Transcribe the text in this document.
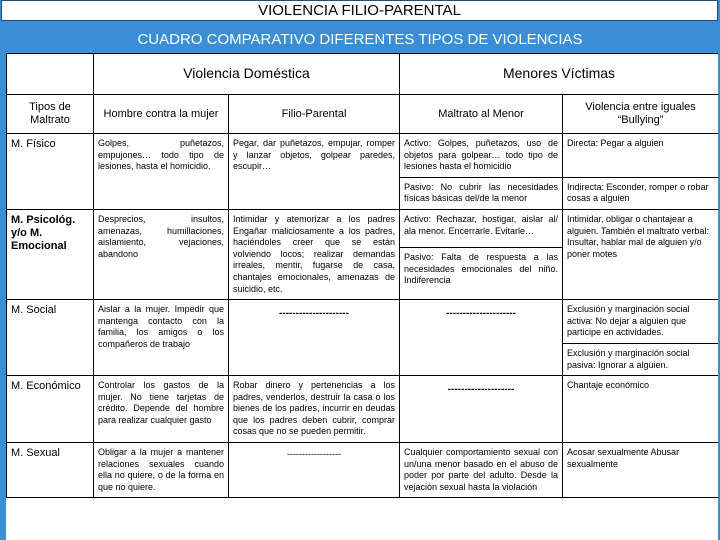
VIOLENCIA FILIO-PARENTAL
CUADRO COMPARATIVO DIFERENTES TIPOS DE VIOLENCIAS
	Violencia Doméstica		Menores Víctimas	
Tipos de Maltrato	Hombre contra la mujer	Filio-Parental	Maltrato al Menor	Violencia entre iguales “Bullying”
M. Físico	Golpes, puñetazos, empujones… todo tipo de lesiones, hasta el homicidio.	Pegar, dar puñetazos, empujar, romper y lanzar objetos, golpear paredes, escupir…	Activo: Golpes, puñetazos, uso de objetos para golpear… todo tipo de lesiones hasta el homicidio	Directa: Pegar a alguien
			Pasivo: No cubrir las necesidades físicas básicas del/de la menor	Indirecta: Esconder, romper o robar cosas a alguien
M. Psicológ. y/o M. Emocional	Desprecios, insultos, amenazas, humillaciones, aislamiento, vejaciones, abandono	Intimidar y atemorizar a los padres Engañar maliciosamente a los padres, haciéndoles creer que se están volviendo locos; realizar demandas irreales, mentir, fugarse de casa, chantajes emocionales, amenazas de suicidio, etc.	Activo: Rechazar, hostigar, aislar al/ ala menor. Encerrarle. Evitarle…	Intimidar, obligar o chantajear a alguien. También el maltrato verbal: Insultar, hablar mal de alguien y/o poner motes
			Pasivo: Falta de respuesta a las necesidades emocionales del niño. Indiferencia	
M. Social	Aislar a la mujer. Impedir que mantenga contacto con la familia, los amigos o los compañeros de trabajo	---------------------	---------------------	Exclusión y marginación social activa: No dejar a alguien que participe en actividades.
				Exclusión y marginación social pasiva: Ignorar a alguien.
M. Económico	Controlar los gastos de la mujer. No tiene tarjetas de crédito. Depende del hombre para realizar cualquier gasto	Robar dinero y pertenencias a los padres, venderlos, destruir la casa o los bienes de los padres, incurrir en deudas que los padres deben cubrir, comprar cosas que no se pueden permitir.	--------------------	Chantaje económico
M. Sexual	Obligar a la mujer a mantener relaciones sexuales cuando ella no quiere, o de la forma en que no quiere.	------------------	Cualquier comportamiento sexual con un/una menor basado en el abuso de poder por parte del adulto. Desde la vejación sexual hasta la violación	Acosar sexualmente Abusar sexualmente
